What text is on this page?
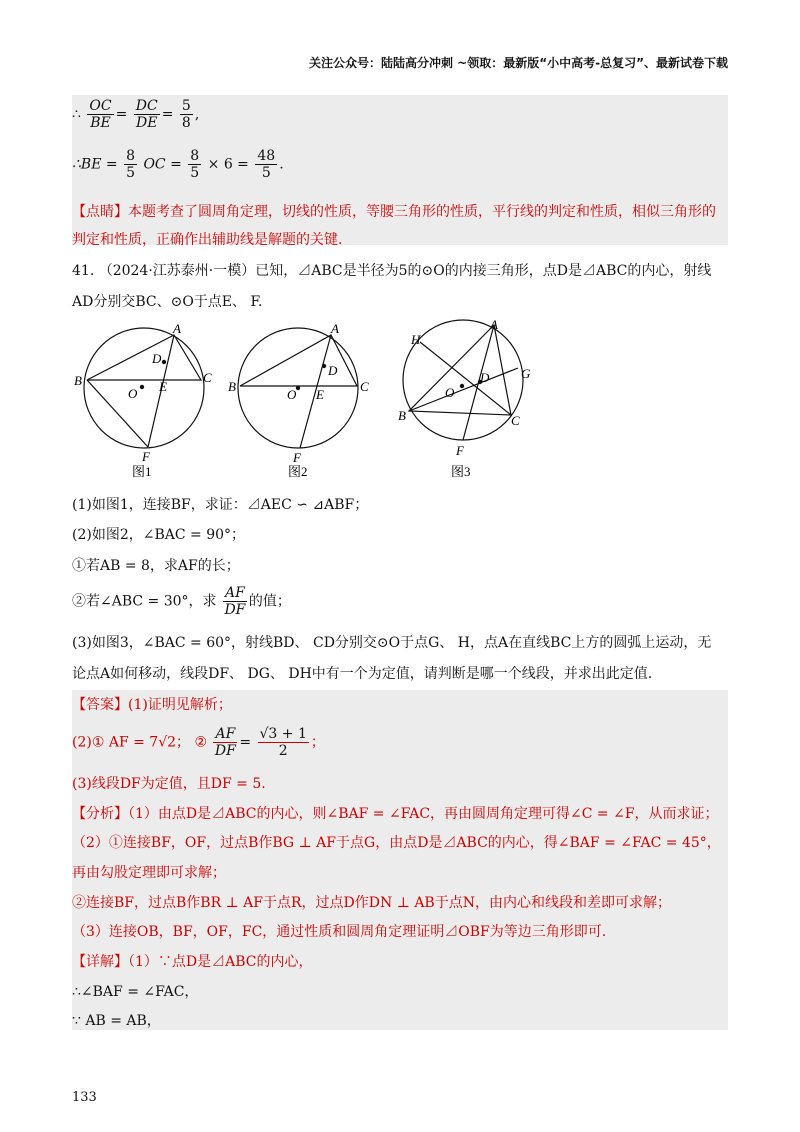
关注公众号：陆陆高分冲刺 ~领取：最新版“小中高考-总复习”、最新试卷下载
∴ $\frac{OC}{BE} = \frac{DC}{DE} = \frac{5}{8}$ ,
∴BE = $\frac{8}{5}$ OC = $\frac{8}{5} \times 6 = \frac{48}{5}$ .
【点睛】本题考查了圆周角定理，切线的性质，等腰三角形的性质，平行线的判定和性质，相似三角形的
判定和性质，正确作出辅助线是解题的关键.
41. （2024·江苏泰州·一模）已知，⊿ABC是半径为5的⊙O的内接三角形，点D是⊿ABC的内心，射线
AD分别交BC、⊙O于点E、 F.
A
D
B
O E
C
F
A
D
B
O E
C
F
H
A
G
D
O
B	C
F
图1	图2	图3
(1)如图1，连接BF，求证：⊿AEC ∽ ⊿ABF；
(2)如图2，∠BAC = 90°；
①若AB = 8，求AF的长；
②若∠ABC = 30°，求 $\frac{AF}{DF}$ 的值；
(3)如图3，∠BAC = 60°，射线BD、 CD分别交⊙O于点G、 H，点A在直线BC上方的圆弧上运动，无
论点A如何移动，线段DF、 DG、 DH中有一个为定值，请判断是哪一个线段，并求出此定值.
【答案】(1)证明见解析；
(2)① AF = 7√2； ② $\frac{AF}{DF} = \frac{√3 + 1}{2}$ ；
(3)线段DF为定值，且DF = 5.
【分析】（1）由点D是⊿ABC的内心，则∠BAF = ∠FAC，再由圆周角定理可得∠C = ∠F，从而求证；
（2）①连接BF，OF，过点B作BG ⊥ AF于点G，由点D是⊿ABC的内心，得∠BAF = ∠FAC = 45°，
再由勾股定理即可求解；
②连接BF，过点B作BR ⊥ AF于点R，过点D作DN ⊥ AB于点N，由内心和线段和差即可求解；
（3）连接OB，BF，OF，FC，通过性质和圆周角定理证明⊿OBF为等边三角形即可.
【详解】（1）∵点D是⊿ABC的内心，
∴∠BAF = ∠FAC，
∵ AB = AB，
133
